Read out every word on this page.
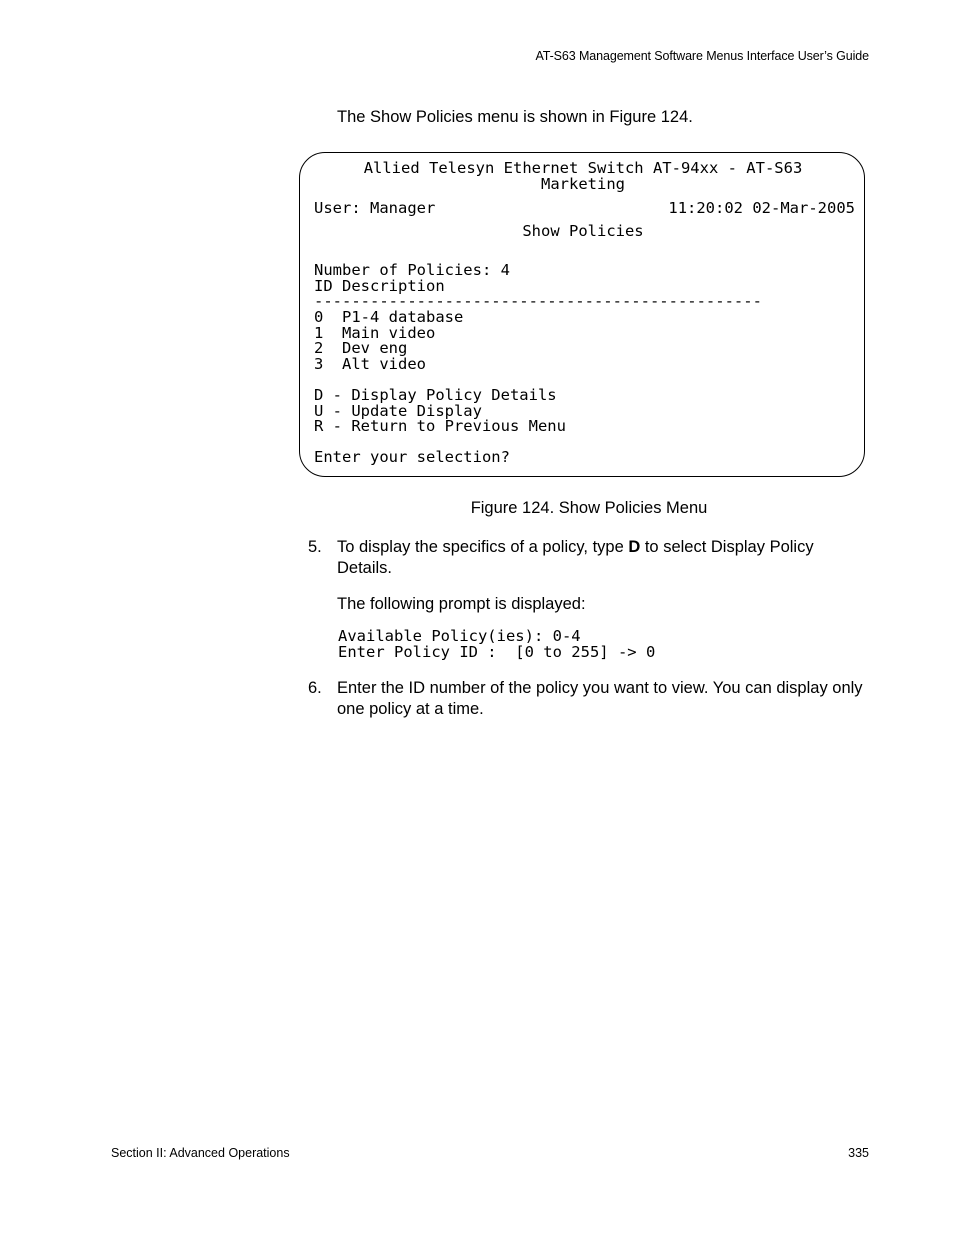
AT-S63 Management Software Menus Interface User’s Guide
The Show Policies menu is shown in Figure 124.
Allied Telesyn Ethernet Switch AT-94xx - AT-S63
Marketing
User: Manager	11:20:02 02-Mar-2005
Show Policies
Number of Policies: 4
ID Description
------------------------------------------------
0  P1-4 database
1  Main video
2  Dev eng
3  Alt video
D - Display Policy Details
U - Update Display
R - Return to Previous Menu
Enter your selection?
Figure 124. Show Policies Menu
5. To display the specifics of a policy, type D to select Display Policy Details.
The following prompt is displayed:
Available Policy(ies): 0-4
Enter Policy ID :  [0 to 255] -> 0
6. Enter the ID number of the policy you want to view. You can display only one policy at a time.
Section II: Advanced Operations	335
